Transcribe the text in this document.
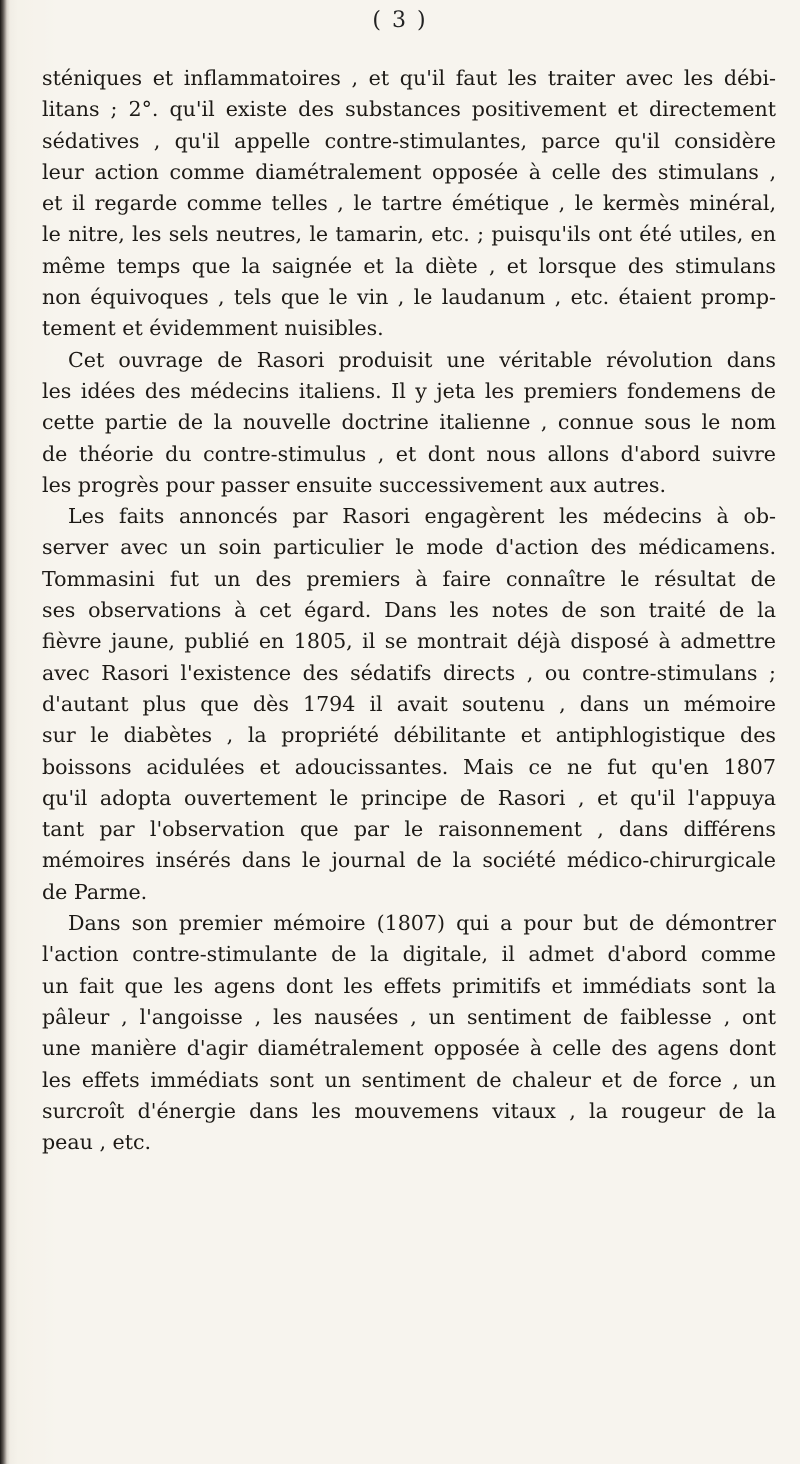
( 3 )
sténiques et inflammatoires , et qu'il faut les traiter avec les débi-
litans ; 2°. qu'il existe des substances positivement et directement
sédatives , qu'il appelle contre-stimulantes, parce qu'il considère
leur action comme diamétralement opposée à celle des stimulans ,
et il regarde comme telles , le tartre émétique , le kermès minéral,
le nitre, les sels neutres, le tamarin, etc. ; puisqu'ils ont été utiles, en
même temps que la saignée et la diète , et lorsque des stimulans
non équivoques , tels que le vin , le laudanum , etc. étaient promp-
tement et évidemment nuisibles.
Cet ouvrage de Rasori produisit une véritable révolution dans
les idées des médecins italiens. Il y jeta les premiers fondemens de
cette partie de la nouvelle doctrine italienne , connue sous le nom
de théorie du contre-stimulus , et dont nous allons d'abord suivre
les progrès pour passer ensuite successivement aux autres.
Les faits annoncés par Rasori engagèrent les médecins à ob-
server avec un soin particulier le mode d'action des médicamens.
Tommasini fut un des premiers à faire connaître le résultat de
ses observations à cet égard. Dans les notes de son traité de la
fièvre jaune, publié en 1805, il se montrait déjà disposé à admettre
avec Rasori l'existence des sédatifs directs , ou contre-stimulans ;
d'autant plus que dès 1794 il avait soutenu , dans un mémoire
sur le diabètes , la propriété débilitante et antiphlogistique des
boissons acidulées et adoucissantes. Mais ce ne fut qu'en 1807
qu'il adopta ouvertement le principe de Rasori , et qu'il l'appuya
tant par l'observation que par le raisonnement , dans différens
mémoires insérés dans le journal de la société médico-chirurgicale
de Parme.
Dans son premier mémoire (1807) qui a pour but de démontrer
l'action contre-stimulante de la digitale, il admet d'abord comme
un fait que les agens dont les effets primitifs et immédiats sont la
pâleur , l'angoisse , les nausées , un sentiment de faiblesse , ont
une manière d'agir diamétralement opposée à celle des agens dont
les effets immédiats sont un sentiment de chaleur et de force , un
surcroît d'énergie dans les mouvemens vitaux , la rougeur de la
peau , etc.
